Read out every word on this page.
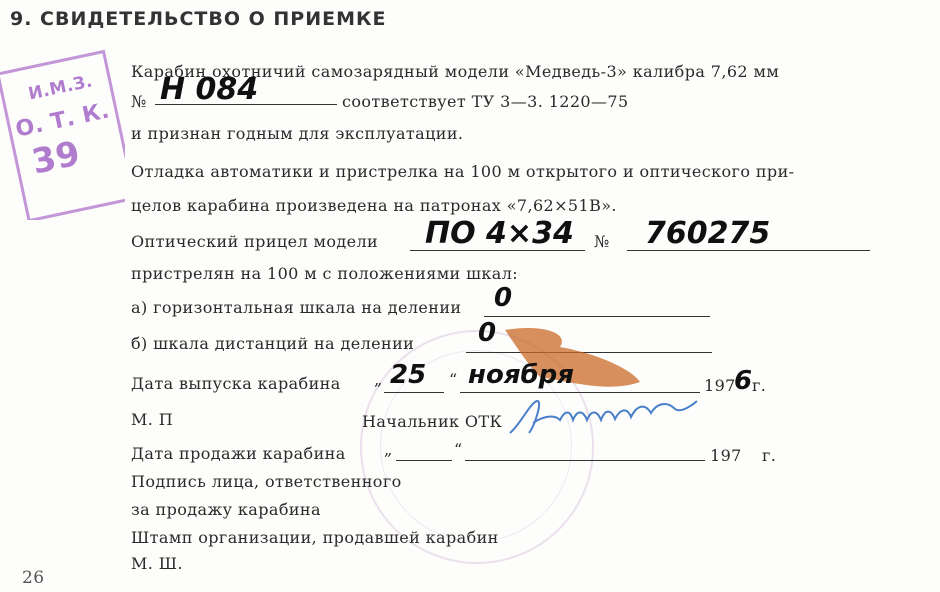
9. СВИДЕТЕЛЬСТВО О ПРИЕМКЕ
И.М.З.
О. Т. К.
39
Карабин охотничий самозарядный модели «Медведь-3» калибра 7,62 мм
№ Н 084	соответствует ТУ 3—3. 1220—75
и признан годным для эксплуатации.
Отладка автоматики и пристрелка на 100 м открытого и оптического при-
целов карабина произведена на патронах «7,62×51В».
Оптический прицел модели ПО 4×34 № 760275
пристрелян на 100 м с положениями шкал:
а) горизонтальная шкала на делении 0
б) шкала дистанций на делении 0
Дата выпуска карабина „ 25 “ ноября	197
6 г.
М. П	Начальник ОТК
Дата продажи карабина „	“	197 г.
Подпись лица, ответственного
за продажу карабина
Штамп организации, продавшей карабин
М. Ш.
26
